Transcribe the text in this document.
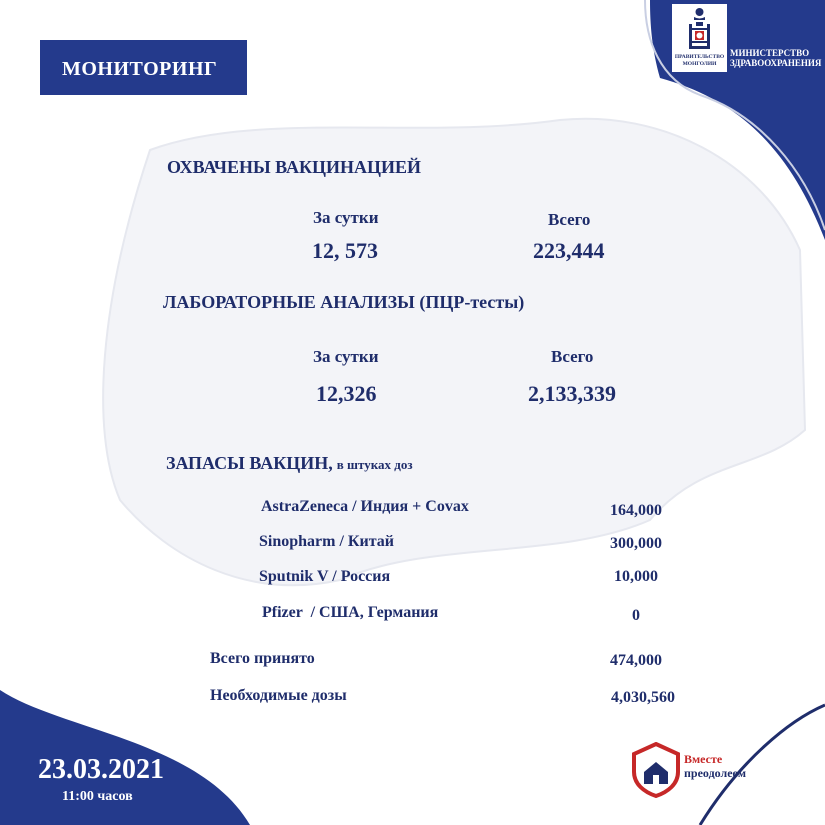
МОНИТОРИНГ
ПРАВИТЕЛЬСТВО МОНГОЛИИ
МИНИСТЕРСТВО
ЗДРАВООХРАНЕНИЯ
ОХВАЧЕНЫ ВАКЦИНАЦИЕЙ
За сутки	Всего
12, 573	223,444
ЛАБОРАТОРНЫЕ АНАЛИЗЫ (ПЦР-тесты)
За сутки	Всего
12,326	2,133,339
ЗАПАСЫ ВАКЦИН, в штуках доз
AstraZeneca / Индия + Covax	164,000
Sinopharm / Китай	300,000
Sputnik V / Россия	10,000
Pfizer  / США, Германия	0
Всего принято	474,000
Необходимые дозы	4,030,560
23.03.2021
11:00 часов
Вместе
преодолеем
